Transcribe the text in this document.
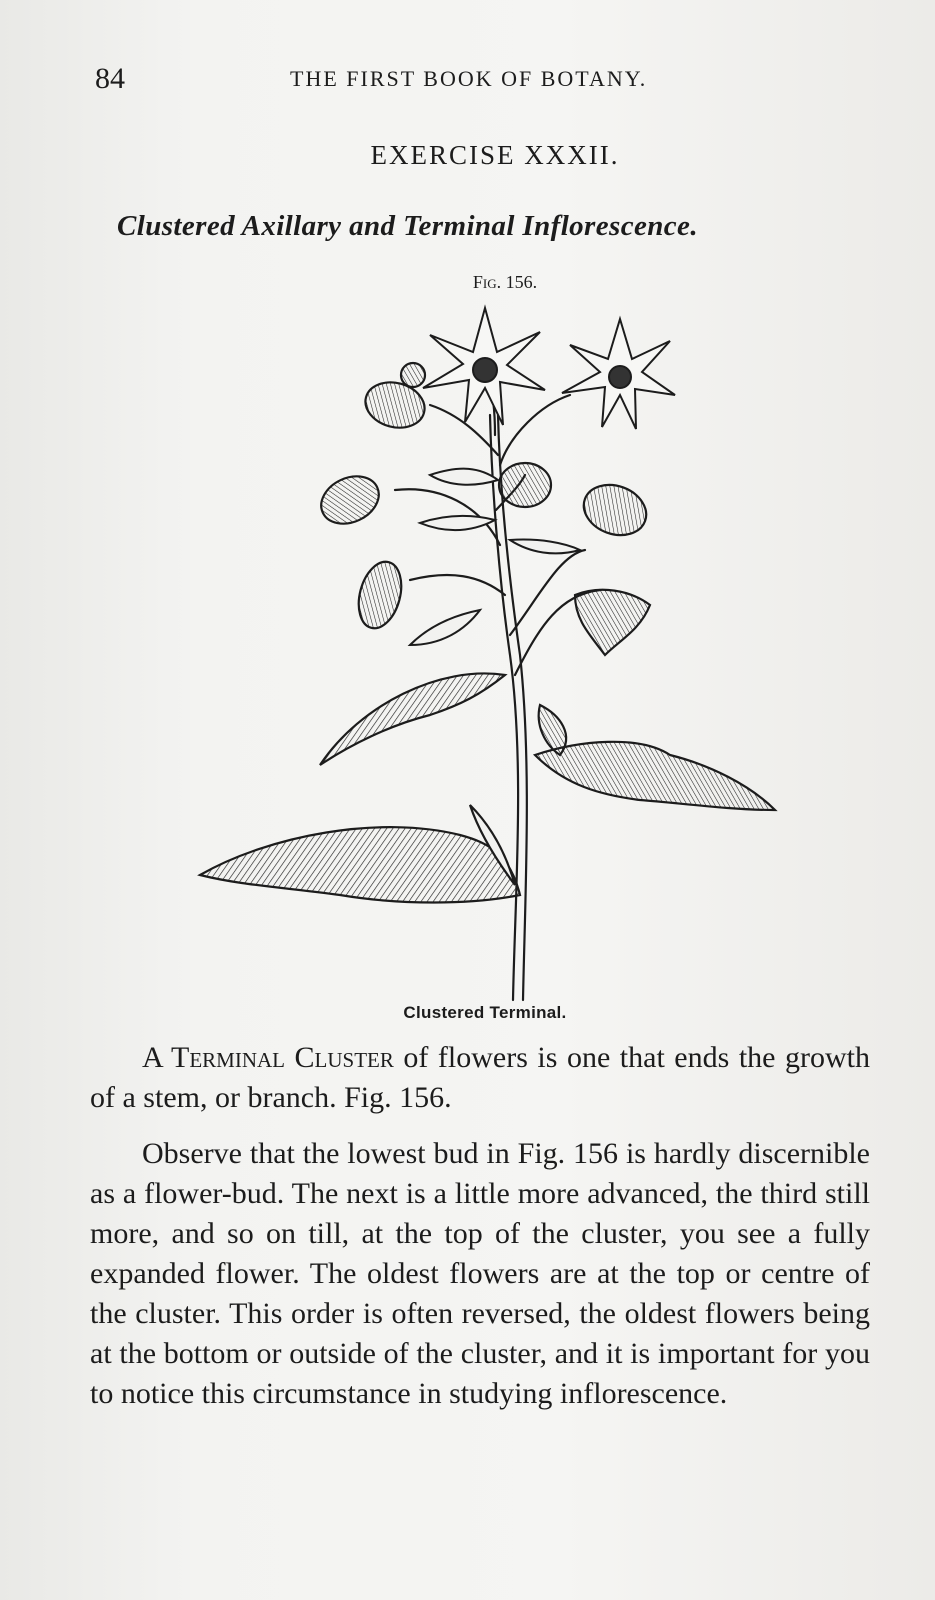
84	THE FIRST BOOK OF BOTANY.
EXERCISE XXXII.
Clustered Axillary and Terminal Inflorescence.
Fig. 156.
Clustered Terminal.
A Terminal Cluster of flowers is one that ends the growth of a stem, or branch. Fig. 156.
Observe that the lowest bud in Fig. 156 is hardly discernible as a flower-bud. The next is a little more advanced, the third still more, and so on till, at the top of the cluster, you see a fully expanded flower. The oldest flowers are at the top or centre of the cluster. This order is often reversed, the oldest flowers being at the bottom or outside of the cluster, and it is important for you to notice this circumstance in studying inflorescence.
